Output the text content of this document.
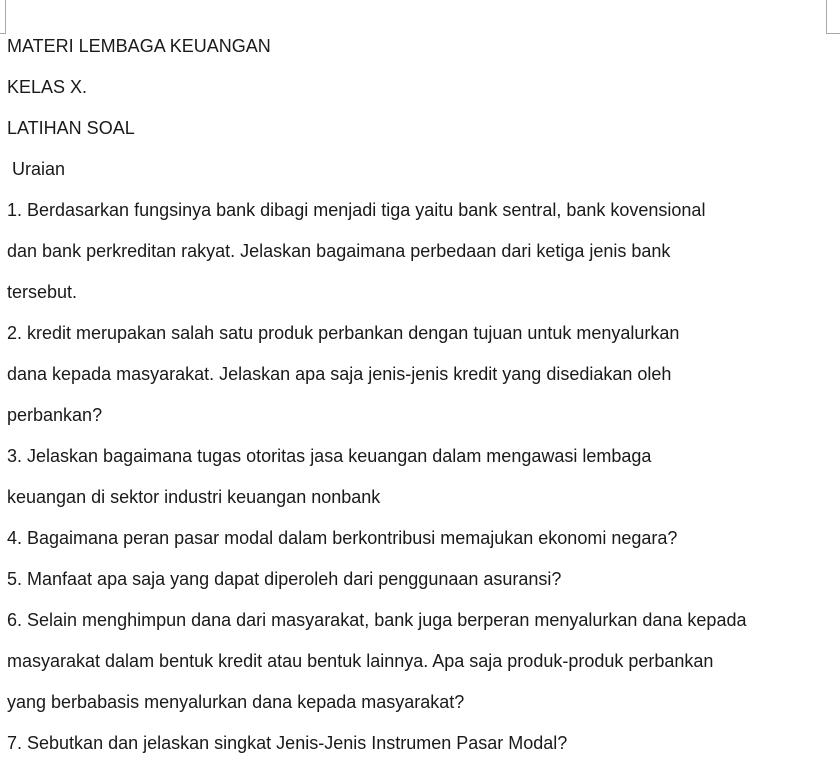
MATERI LEMBAGA KEUANGAN
KELAS X.
LATIHAN SOAL
Uraian
1. Berdasarkan fungsinya bank dibagi menjadi tiga yaitu bank sentral, bank kovensional
dan bank perkreditan rakyat. Jelaskan bagaimana perbedaan dari ketiga jenis bank
tersebut.
2. kredit merupakan salah satu produk perbankan dengan tujuan untuk menyalurkan
dana kepada masyarakat. Jelaskan apa saja jenis-jenis kredit yang disediakan oleh
perbankan?
3. Jelaskan bagaimana tugas otoritas jasa keuangan dalam mengawasi lembaga
keuangan di sektor industri keuangan nonbank
4. Bagaimana peran pasar modal dalam berkontribusi memajukan ekonomi negara?
5. Manfaat apa saja yang dapat diperoleh dari penggunaan asuransi?
6. Selain menghimpun dana dari masyarakat, bank juga berperan menyalurkan dana kepada
masyarakat dalam bentuk kredit atau bentuk lainnya. Apa saja produk-produk perbankan
yang berbabasis menyalurkan dana kepada masyarakat?
7. Sebutkan dan jelaskan singkat Jenis-Jenis Instrumen Pasar Modal?
